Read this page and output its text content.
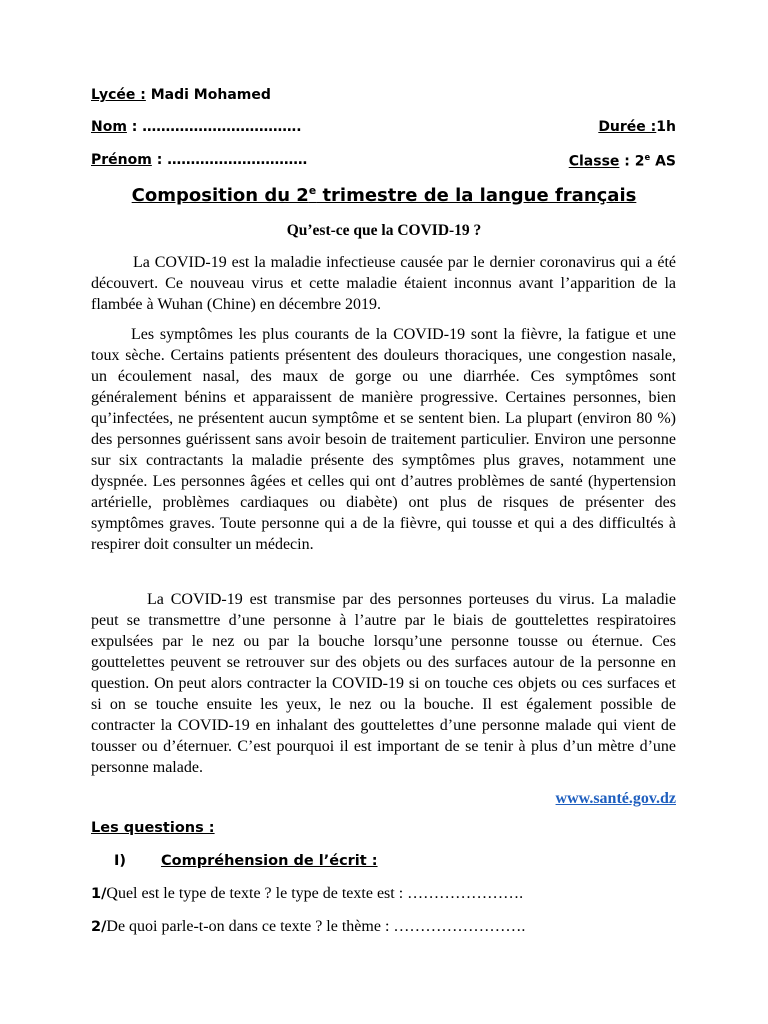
Lycée : Madi Mohamed
Nom : …………………………….	Durée :1h
Prénom : …………………………	Classe : 2e AS
Composition du 2e trimestre de la langue français
Qu’est-ce que la COVID-19 ?

La COVID-19 est la maladie infectieuse causée par le dernier coronavirus qui a été découvert. Ce nouveau virus et cette maladie étaient inconnus avant l’apparition de la flambée à Wuhan (Chine) en décembre 2019.

Les symptômes les plus courants de la COVID-19 sont la fièvre, la fatigue et une toux sèche. Certains patients présentent des douleurs thoraciques, une congestion nasale, un écoulement nasal, des maux de gorge ou une diarrhée. Ces symptômes sont généralement bénins et apparaissent de manière progressive. Certaines personnes, bien qu’infectées, ne présentent aucun symptôme et se sentent bien. La plupart (environ 80 %) des personnes guérissent sans avoir besoin de traitement particulier. Environ une personne sur six contractants la maladie présente des symptômes plus graves, notamment une dyspnée. Les personnes âgées et celles qui ont d’autres problèmes de santé (hypertension artérielle, problèmes cardiaques ou diabète) ont plus de risques de présenter des symptômes graves. Toute personne qui a de la fièvre, qui tousse et qui a des difficultés à respirer doit consulter un médecin.

La COVID-19 est transmise par des personnes porteuses du virus. La maladie peut se transmettre d’une personne à l’autre par le biais de gouttelettes respiratoires expulsées par le nez ou par la bouche lorsqu’une personne tousse ou éternue. Ces gouttelettes peuvent se retrouver sur des objets ou des surfaces autour de la personne en question. On peut alors contracter la COVID-19 si on touche ces objets ou ces surfaces et si on se touche ensuite les yeux, le nez ou la bouche. Il est également possible de contracter la COVID-19 en inhalant des gouttelettes d’une personne malade qui vient de tousser ou d’éternuer. C’est pourquoi il est important de se tenir à plus d’un mètre d’une personne malade.

www.santé.gov.dz
Les questions :
I) Compréhension de l’écrit :
1/Quel est le type de texte ? le type de texte est : ………………….
2/De quoi parle-t-on dans ce texte ? le thème : …………………….
